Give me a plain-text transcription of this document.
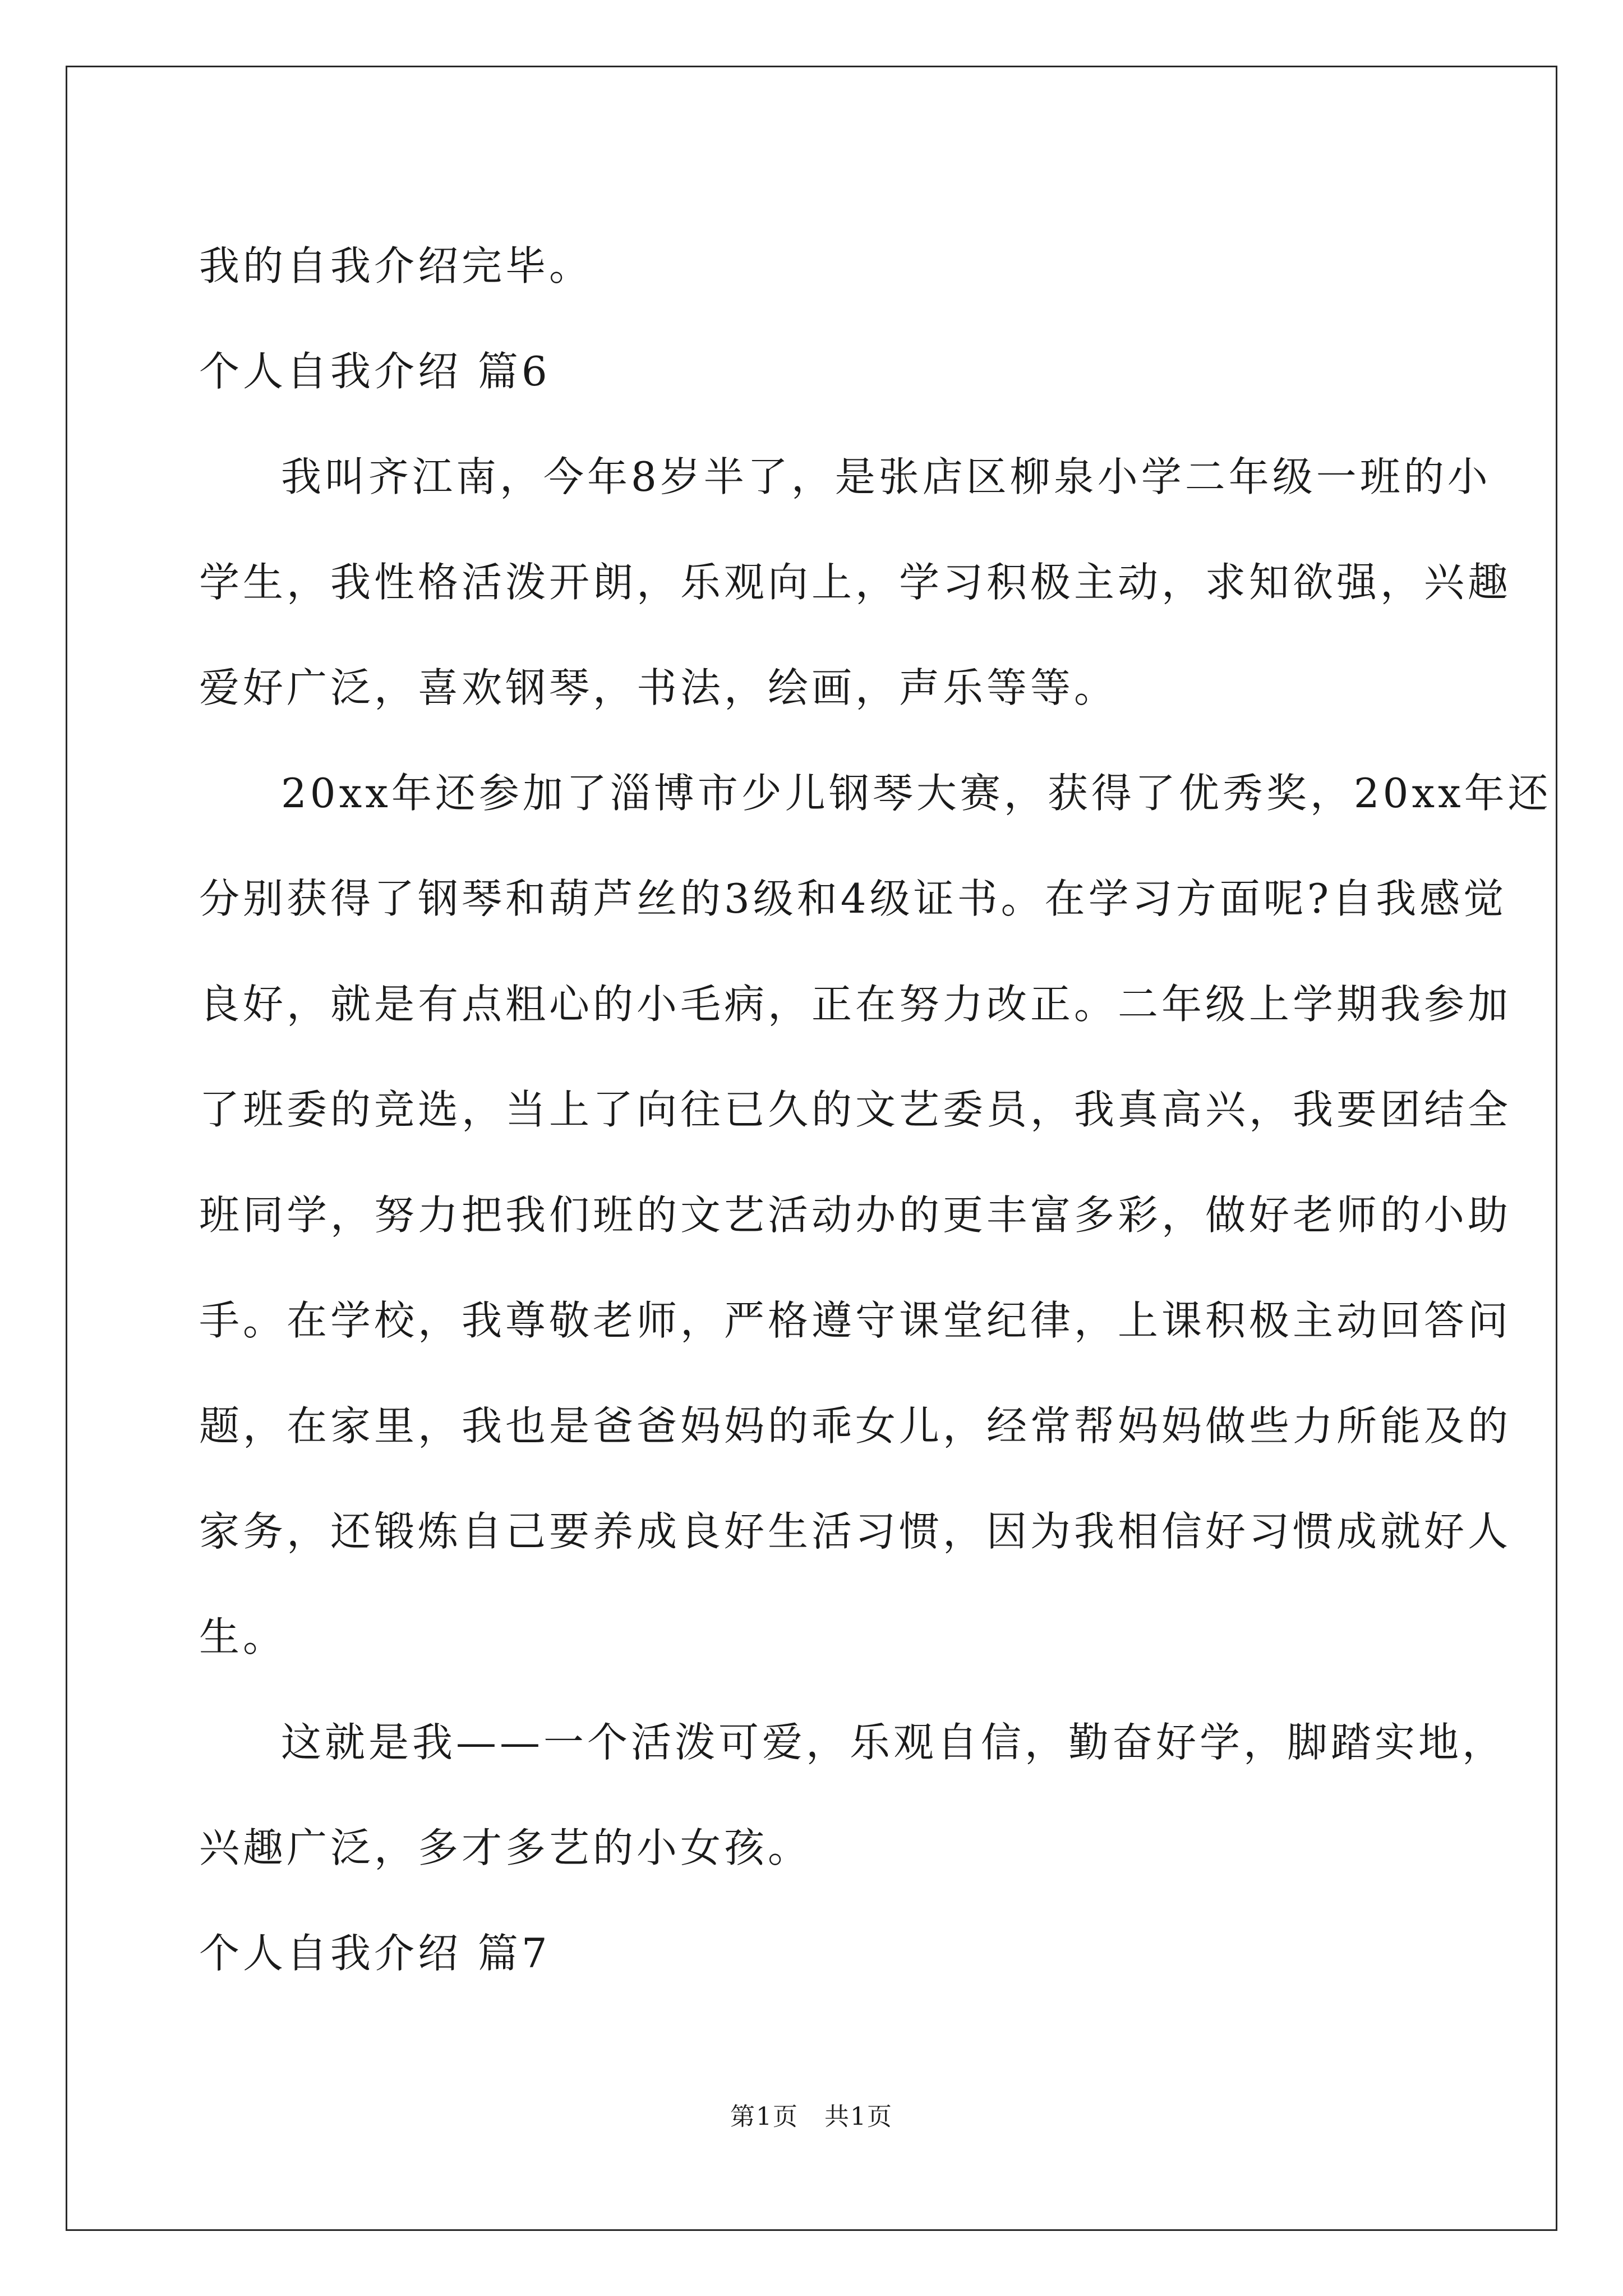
我的自我介绍完毕。

个人自我介绍 篇6

我叫齐江南，今年8岁半了，是张店区柳泉小学二年级一班的小

学生，我性格活泼开朗，乐观向上，学习积极主动，求知欲强，兴趣

爱好广泛，喜欢钢琴，书法，绘画，声乐等等。

20xx年还参加了淄博市少儿钢琴大赛，获得了优秀奖，20xx年还

分别获得了钢琴和葫芦丝的3级和4级证书。在学习方面呢?自我感觉

良好，就是有点粗心的小毛病，正在努力改正。二年级上学期我参加

了班委的竞选，当上了向往已久的文艺委员，我真高兴，我要团结全

班同学，努力把我们班的文艺活动办的更丰富多彩，做好老师的小助

手。在学校，我尊敬老师，严格遵守课堂纪律，上课积极主动回答问

题，在家里，我也是爸爸妈妈的乖女儿，经常帮妈妈做些力所能及的

家务，还锻炼自己要养成良好生活习惯，因为我相信好习惯成就好人

生。

这就是我——一个活泼可爱，乐观自信，勤奋好学，脚踏实地，

兴趣广泛，多才多艺的小女孩。

个人自我介绍 篇7

第1页　共1页
